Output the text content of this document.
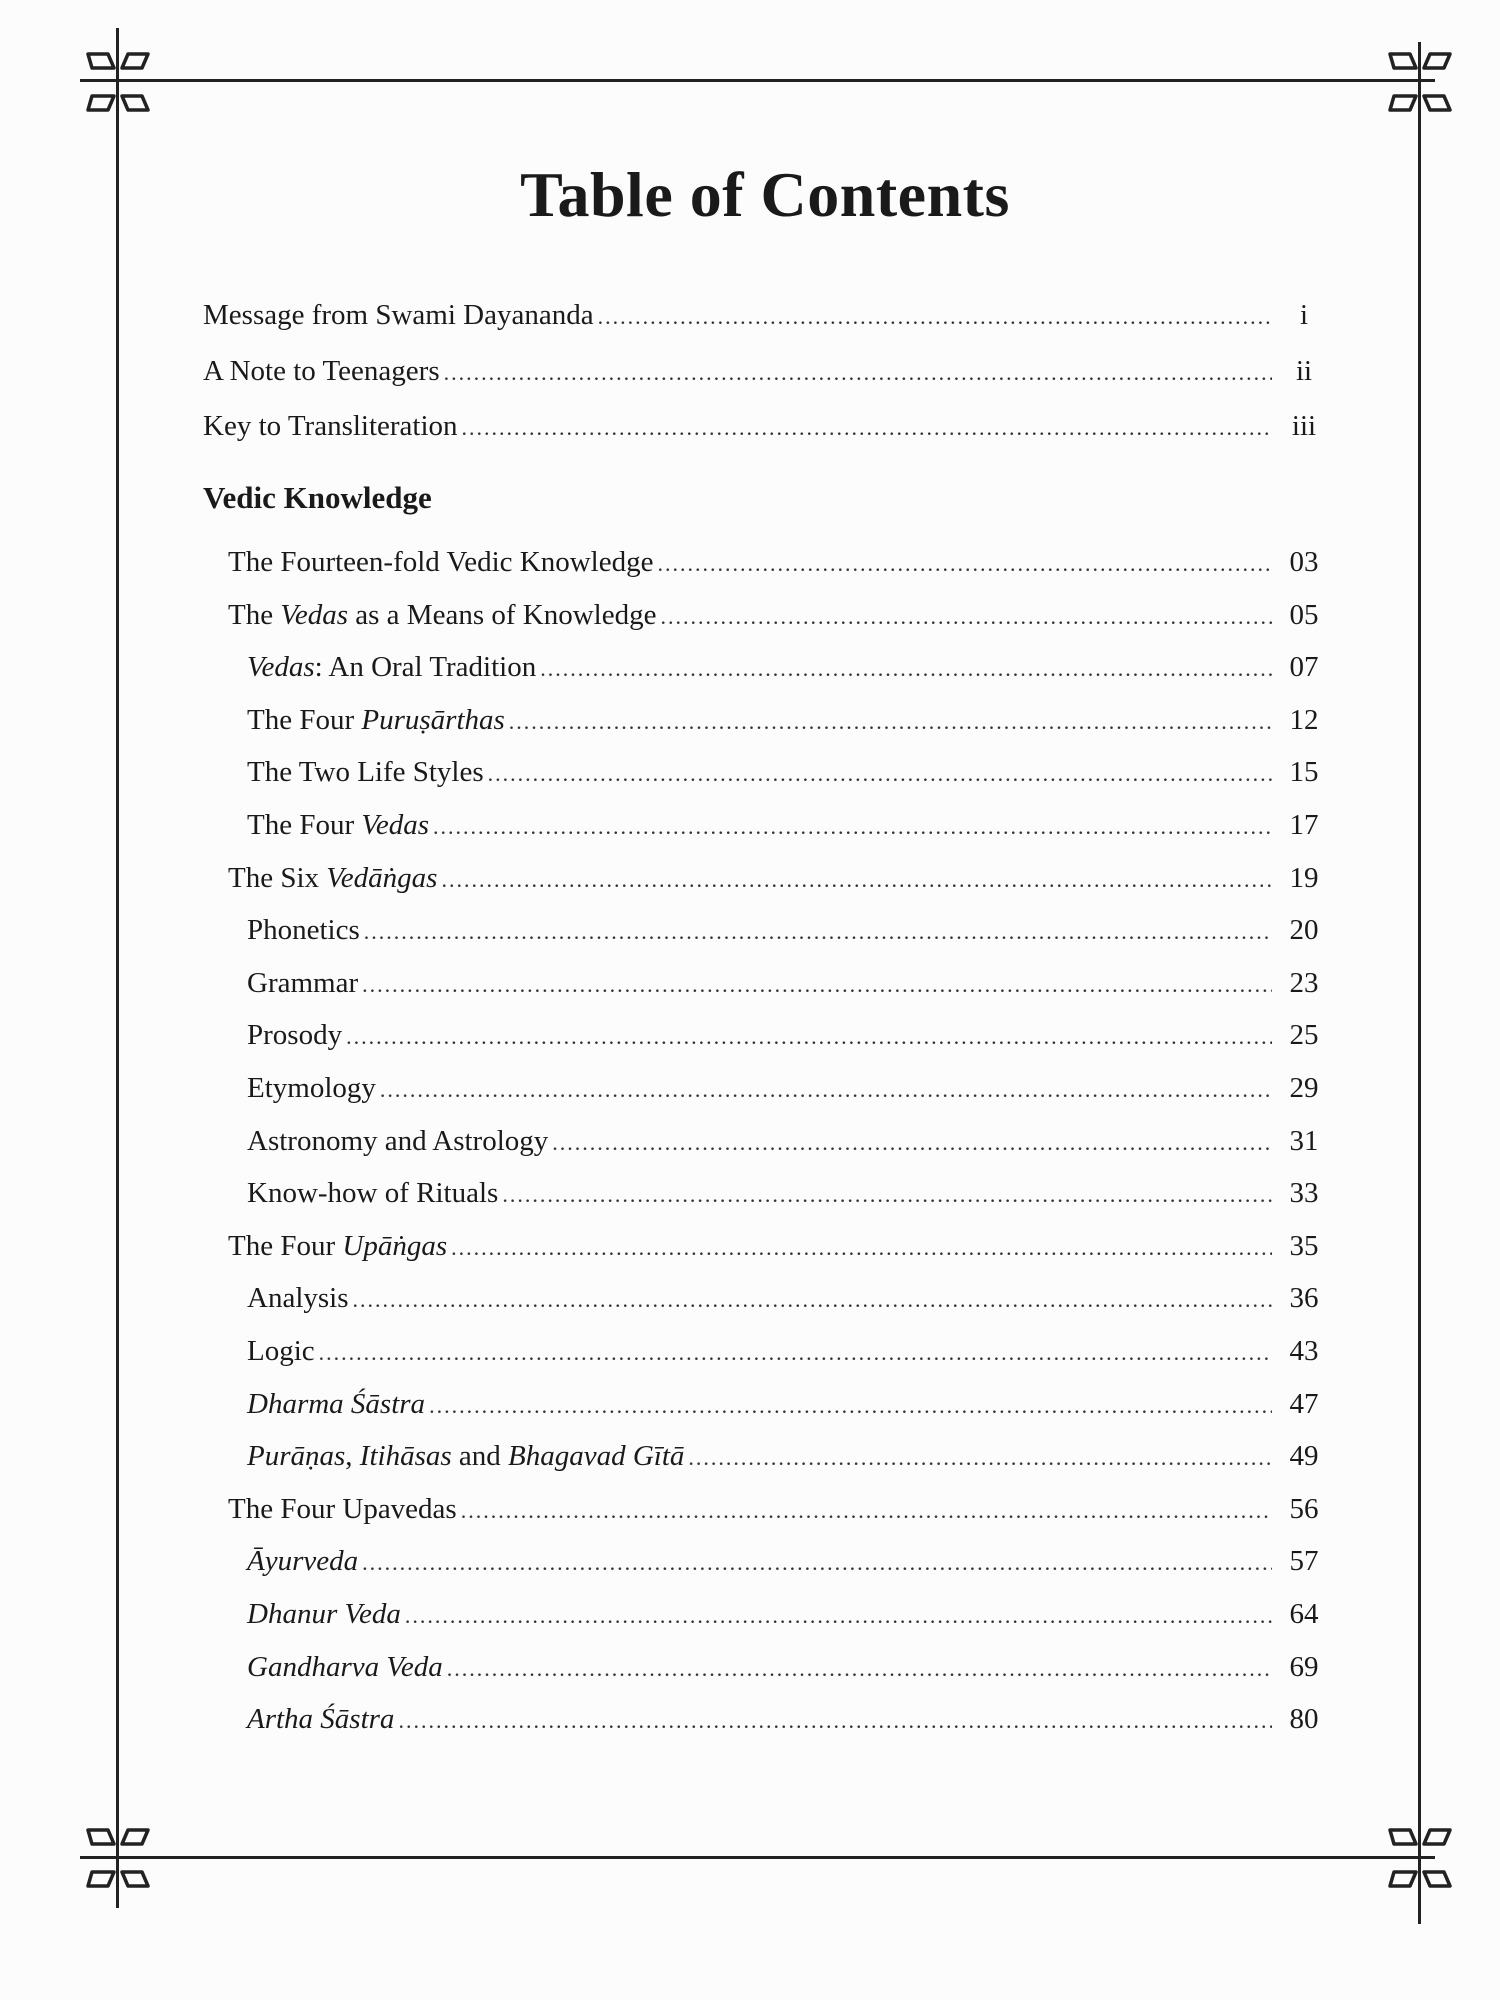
Table of Contents
Message from Swami Dayananda .....	i
A Note to Teenagers .....	ii
Key to Transliteration .....	iii
Vedic Knowledge
The Fourteen-fold Vedic Knowledge .....	03
The Vedas as a Means of Knowledge .....	05
Vedas: An Oral Tradition .....	07
The Four Puruṣārthas .....	12
The Two Life Styles .....	15
The Four Vedas .....	17
The Six Vedāṅgas .....	19
Phonetics .....	20
Grammar .....	23
Prosody .....	25
Etymology .....	29
Astronomy and Astrology .....	31
Know-how of Rituals .....	33
The Four Upāṅgas .....	35
Analysis .....	36
Logic .....	43
Dharma Śāstra .....	47
Purāṇas, Itihāsas and Bhagavad Gītā .....	49
The Four Upavedas .....	56
Āyurveda .....	57
Dhanur Veda .....	64
Gandharva Veda .....	69
Artha Śāstra .....	80
